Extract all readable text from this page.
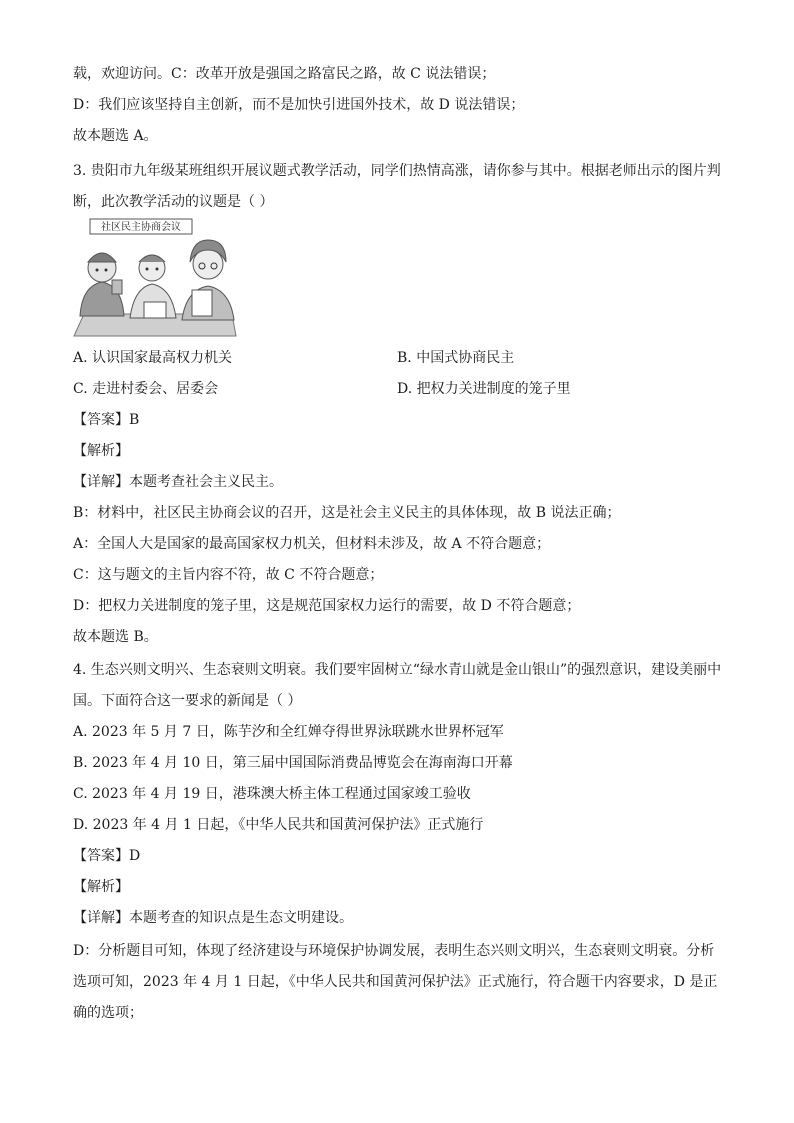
载，欢迎访问。C：改革开放是强国之路富民之路，故 C 说法错误；
D：我们应该坚持自主创新，而不是加快引进国外技术，故 D 说法错误；
故本题选 A。
3. 贵阳市九年级某班组织开展议题式教学活动，同学们热情高涨，请你参与其中。根据老师出示的图片判断，此次教学活动的议题是（ ）
社区民主协商会议
A. 认识国家最高权力机关	B. 中国式协商民主
C. 走进村委会、居委会	D. 把权力关进制度的笼子里
【答案】B
【解析】
【详解】本题考查社会主义民主。
B：材料中，社区民主协商会议的召开，这是社会主义民主的具体体现，故 B 说法正确；
A：全国人大是国家的最高国家权力机关，但材料未涉及，故 A 不符合题意；
C：这与题文的主旨内容不符，故 C 不符合题意；
D：把权力关进制度的笼子里，这是规范国家权力运行的需要，故 D 不符合题意；
故本题选 B。
4. 生态兴则文明兴、生态衰则文明衰。我们要牢固树立“绿水青山就是金山银山”的强烈意识，建设美丽中国。下面符合这一要求的新闻是（ ）
A. 2023 年 5 月 7 日，陈芋汐和全红婵夺得世界泳联跳水世界杯冠军
B. 2023 年 4 月 10 日，第三届中国国际消费品博览会在海南海口开幕
C. 2023 年 4 月 19 日，港珠澳大桥主体工程通过国家竣工验收
D. 2023 年 4 月 1 日起，《中华人民共和国黄河保护法》正式施行
【答案】D
【解析】
【详解】本题考查的知识点是生态文明建设。
D：分析题目可知，体现了经济建设与环境保护协调发展，表明生态兴则文明兴，生态衰则文明衰。分析选项可知，2023 年 4 月 1 日起，《中华人民共和国黄河保护法》正式施行，符合题干内容要求，D 是正确的选项；
